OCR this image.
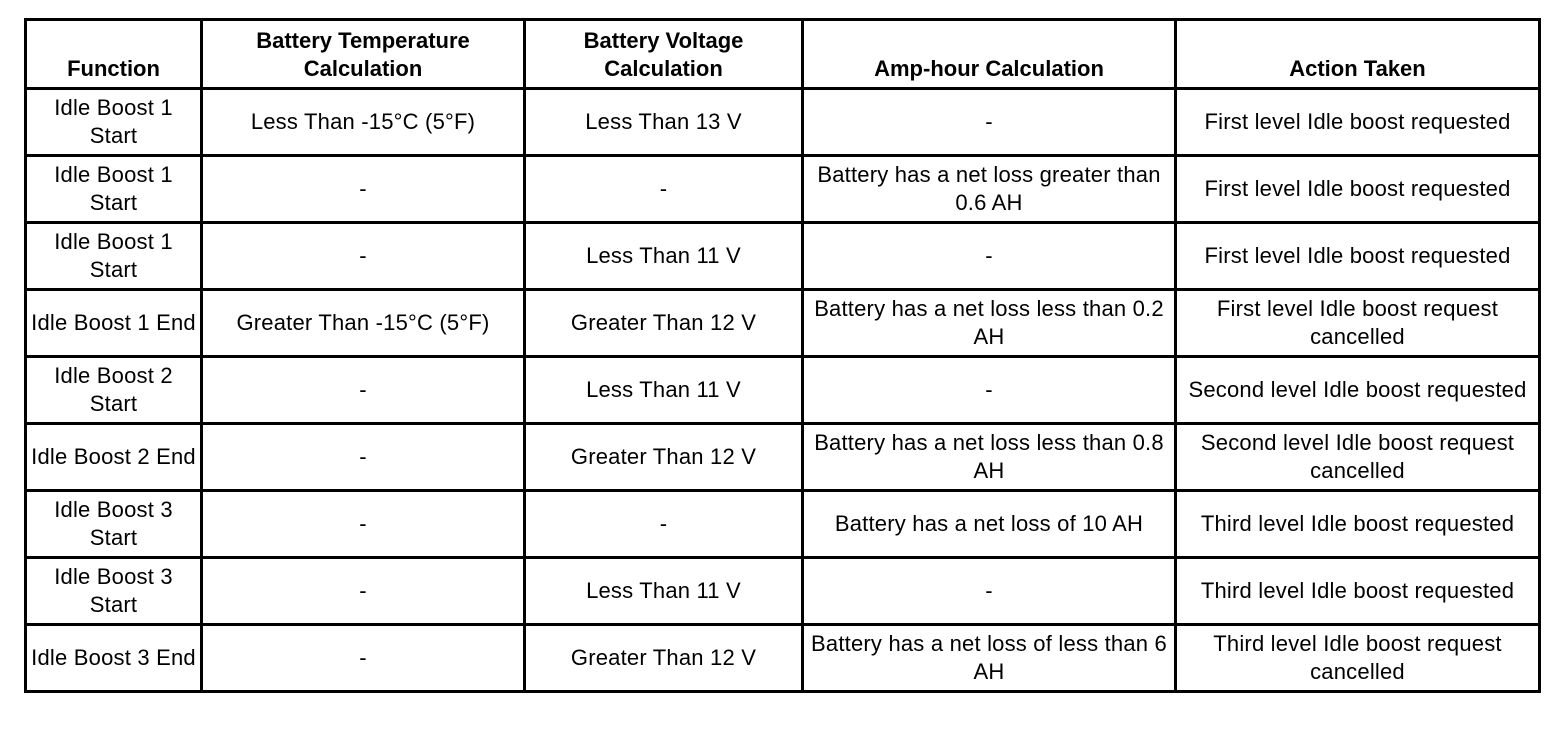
Function	Battery Temperature Calculation	Battery Voltage Calculation	Amp-hour Calculation	Action Taken
Idle Boost 1 Start	Less Than -15°C (5°F)	Less Than 13 V	-	First level Idle boost requested
Idle Boost 1 Start	-	-	Battery has a net loss greater than 0.6 AH	First level Idle boost requested
Idle Boost 1 Start	-	Less Than 11 V	-	First level Idle boost requested
Idle Boost 1 End	Greater Than -15°C (5°F)	Greater Than 12 V	Battery has a net loss less than 0.2 AH	First level Idle boost request cancelled
Idle Boost 2 Start	-	Less Than 11 V	-	Second level Idle boost requested
Idle Boost 2 End	-	Greater Than 12 V	Battery has a net loss less than 0.8 AH	Second level Idle boost request cancelled
Idle Boost 3 Start	-	-	Battery has a net loss of 10 AH	Third level Idle boost requested
Idle Boost 3 Start	-	Less Than 11 V	-	Third level Idle boost requested
Idle Boost 3 End	-	Greater Than 12 V	Battery has a net loss of less than 6 AH	Third level Idle boost request cancelled
